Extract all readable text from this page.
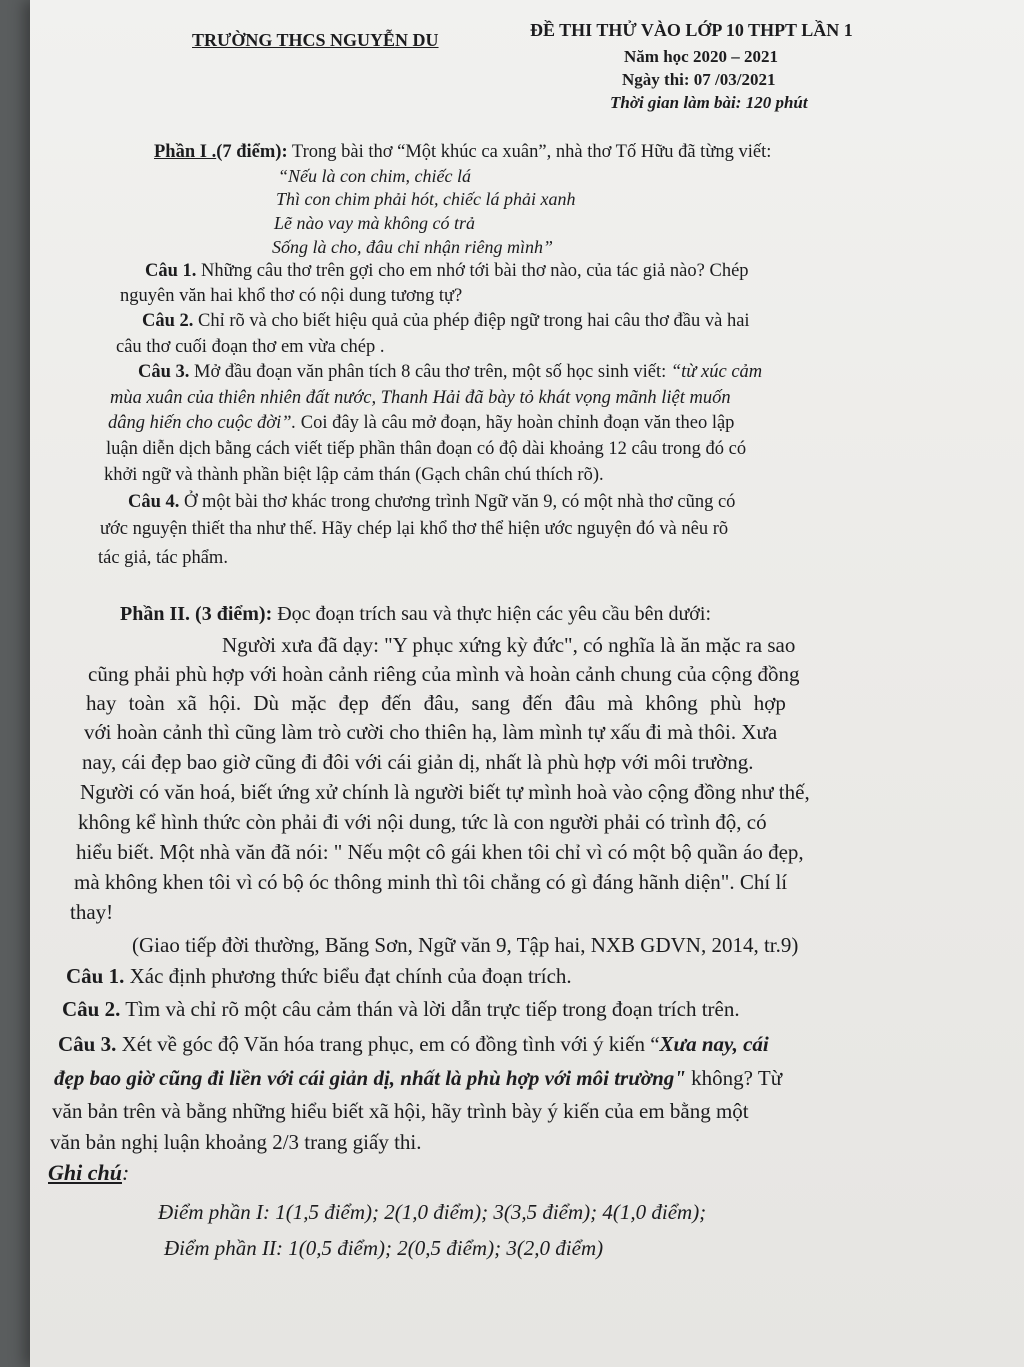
TRƯỜNG THCS NGUYỄN DU	ĐỀ THI THỬ VÀO LỚP 10 THPT LẦN 1
Năm học 2020 – 2021
Ngày thi: 07 /03/2021
Thời gian làm bài: 120 phút
Phần I .(7 điểm): Trong bài thơ “Một khúc ca xuân”, nhà thơ Tố Hữu đã từng viết:
“Nếu là con chim, chiếc lá
Thì con chim phải hót, chiếc lá phải xanh
Lẽ nào vay mà không có trả
Sống là cho, đâu chỉ nhận riêng mình”
Câu 1. Những câu thơ trên gợi cho em nhớ tới bài thơ nào, của tác giả nào? Chép
nguyên văn hai khổ thơ có nội dung tương tự?
Câu 2. Chỉ rõ và cho biết hiệu quả của phép điệp ngữ trong hai câu thơ đầu và hai
câu thơ cuối đoạn thơ em vừa chép .
Câu 3. Mở đầu đoạn văn phân tích 8 câu thơ trên, một số học sinh viết: “từ xúc cảm
mùa xuân của thiên nhiên đất nước, Thanh Hải đã bày tỏ khát vọng mãnh liệt muốn
dâng hiến cho cuộc đời”. Coi đây là câu mở đoạn, hãy hoàn chỉnh đoạn văn theo lập
luận diễn dịch bằng cách viết tiếp phần thân đoạn có độ dài khoảng 12 câu trong đó có
khởi ngữ và thành phần biệt lập cảm thán (Gạch chân chú thích rõ).
Câu 4. Ở một bài thơ khác trong chương trình Ngữ văn 9, có một nhà thơ cũng có
ước nguyện thiết tha như thế. Hãy chép lại khổ thơ thể hiện ước nguyện đó và nêu rõ
tác giả, tác phẩm.
Phần II. (3 điểm): Đọc đoạn trích sau và thực hiện các yêu cầu bên dưới:
Người xưa đã dạy: "Y phục xứng kỳ đức", có nghĩa là ăn mặc ra sao
cũng phải phù hợp với hoàn cảnh riêng của mình và hoàn cảnh chung của cộng đồng
hay toàn xã hội. Dù mặc đẹp đến đâu, sang đến đâu mà không phù hợp
với hoàn cảnh thì cũng làm trò cười cho thiên hạ, làm mình tự xấu đi mà thôi. Xưa
nay, cái đẹp bao giờ cũng đi đôi với cái giản dị, nhất là phù hợp với môi trường.
Người có văn hoá, biết ứng xử chính là người biết tự mình hoà vào cộng đồng như thế,
không kể hình thức còn phải đi với nội dung, tức là con người phải có trình độ, có
hiểu biết. Một nhà văn đã nói: " Nếu một cô gái khen tôi chỉ vì có một bộ quần áo đẹp,
mà không khen tôi vì có bộ óc thông minh thì tôi chẳng có gì đáng hãnh diện". Chí lí
thay!
(Giao tiếp đời thường, Băng Sơn, Ngữ văn 9, Tập hai, NXB GDVN, 2014, tr.9)
Câu 1. Xác định phương thức biểu đạt chính của đoạn trích.
Câu 2. Tìm và chỉ rõ một câu cảm thán và lời dẫn trực tiếp trong đoạn trích trên.
Câu 3. Xét về góc độ Văn hóa trang phục, em có đồng tình với ý kiến “Xưa nay, cái
đẹp bao giờ cũng đi liền với cái giản dị, nhất là phù hợp với môi trường" không? Từ
văn bản trên và bằng những hiểu biết xã hội, hãy trình bày ý kiến của em bằng một
văn bản nghị luận khoảng 2/3 trang giấy thi.
Ghi chú:
Điểm phần I: 1(1,5 điểm); 2(1,0 điểm); 3(3,5 điểm); 4(1,0 điểm);
Điểm phần II: 1(0,5 điểm); 2(0,5 điểm); 3(2,0 điểm)
